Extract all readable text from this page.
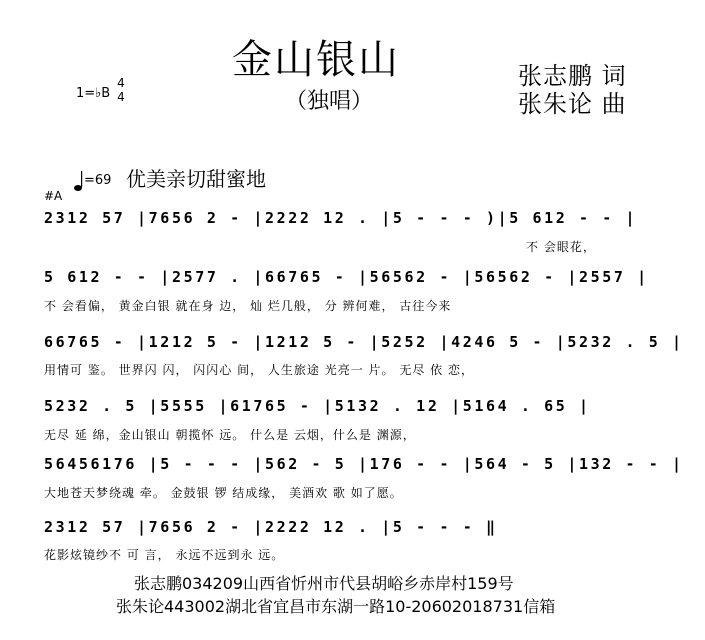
金山银山
（独唱）
张志鹏 词
张朱论 曲
1=♭B
4
4
=69 优美亲切甜蜜地
#A
2312 57 |7656 2 - |2222 12 . |5 - - - )|5 612 - - |
不 会眼花，
5 612 - - |2577 . |66765 - |56562 - |56562 - |2557 |
不 会看偏， 黄金白银 就在身 边， 灿 烂几般， 分 辨何难， 古往今来
66765 - |1212 5 - |1212 5 - |5252 |4246 5 - |5232 . 5 |
用情可 鉴。 世界闪 闪， 闪闪心 间， 人生旅途 光亮一 片。 无尽 依 恋，
5232 . 5 |5555 |61765 - |5132 . 12 |5164 . 65 |
无尽 延 绵，金山银山 朝揽怀 远。 什么是 云烟，什么是 渊源，
56456176 |5 - - - |562 - 5 |176 - - |564 - 5 |132 - - |
大地苍天梦绕魂 牵。 金鼓银 锣 结成缘， 美酒欢 歌 如了愿。
2312 57 |7656 2 - |2222 12 . |5 - - - ‖
花影炫镜纱不 可 言， 永远不远到永 远。
张志鹏034209山西省忻州市代县胡峪乡赤岸村159号
张朱论443002湖北省宜昌市东湖一路10-20602018731信箱
